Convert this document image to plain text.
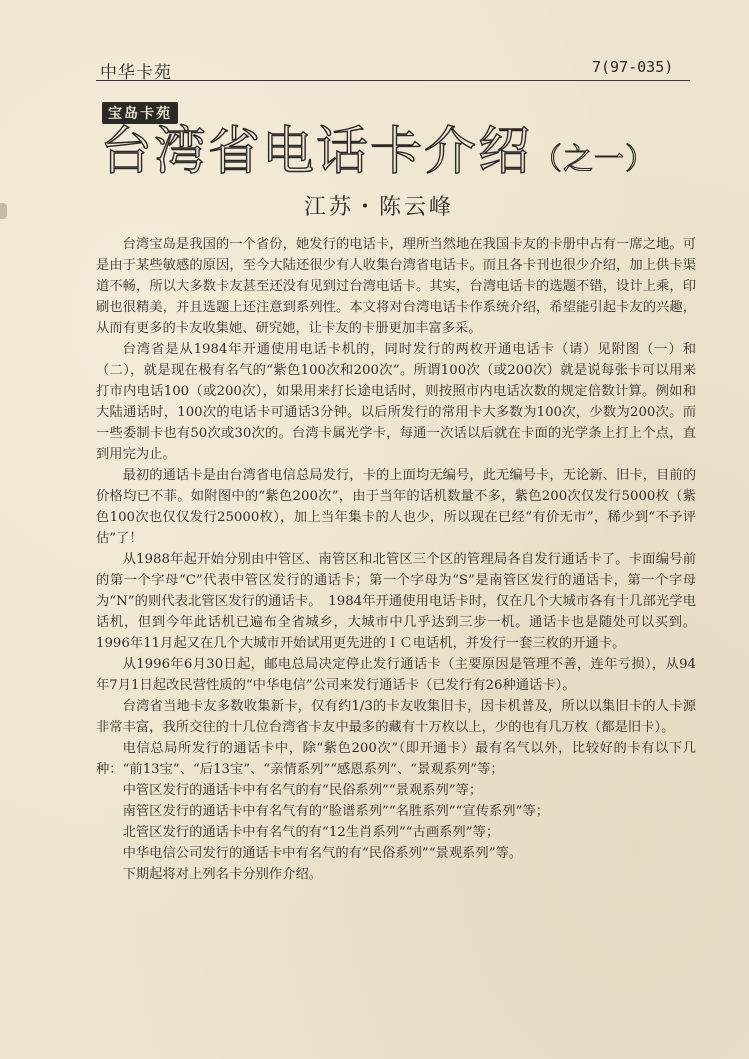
中华卡苑	7(97-035)
宝岛卡苑
台湾省电话卡介绍（之一）
江苏・陈云峰

台湾宝岛是我国的一个省份，她发行的电话卡，理所当然地在我国卡友的卡册中占有一席之地。可是由于某些敏感的原因，至今大陆还很少有人收集台湾省电话卡。而且各卡刊也很少介绍，加上供卡渠道不畅，所以大多数卡友甚至还没有见到过台湾电话卡。其实，台湾电话卡的选题不错，设计上乘，印刷也很精美，并且选题上还注意到系列性。本文将对台湾电话卡作系统介绍，希望能引起卡友的兴趣，从而有更多的卡友收集她、研究她，让卡友的卡册更加丰富多采。

台湾省是从1984年开通使用电话卡机的，同时发行的两枚开通电话卡（请）见附图（一）和（二），就是现在极有名气的“紫色100次和200次”。所谓100次（或200次）就是说每张卡可以用来打市内电话100（或200次），如果用来打长途电话时，则按照市内电话次数的规定倍数计算。例如和大陆通话时，100次的电话卡可通话3分钟。以后所发行的常用卡大多数为100次，少数为200次。而一些委制卡也有50次或30次的。台湾卡属光学卡，每通一次话以后就在卡面的光学条上打上个点，直到用完为止。

最初的通话卡是由台湾省电信总局发行，卡的上面均无编号，此无编号卡，无论新、旧卡，目前的价格均已不菲。如附图中的“紫色200次”，由于当年的话机数量不多，紫色200次仅发行5000枚（紫色100次也仅仅发行25000枚），加上当年集卡的人也少，所以现在已经“有价无市”，稀少到“不予评估”了！

从1988年起开始分别由中管区、南管区和北管区三个区的管理局各自发行通话卡了。卡面编号前的第一个字母“C”代表中管区发行的通话卡；第一个字母为“S”是南管区发行的通话卡，第一个字母为“N”的则代表北管区发行的通话卡。　1984年开通使用电话卡时，仅在几个大城市各有十几部光学电话机，但到今年此话机已遍布全省城乡，大城市中几乎达到三步一机。通话卡也是随处可以买到。1996年11月起又在几个大城市开始试用更先进的ＩＣ电话机，并发行一套三枚的开通卡。

从1996年6月30日起，邮电总局决定停止发行通话卡（主要原因是管理不善，连年亏损），从94年7月1日起改民营性质的“中华电信”公司来发行通话卡（已发行有26种通话卡）。

台湾省当地卡友多数收集新卡，仅有约1/3的卡友收集旧卡，因卡机普及，所以以集旧卡的人卡源非常丰富，我所交往的十几位台湾省卡友中最多的藏有十万枚以上，少的也有几万枚（都是旧卡）。

电信总局所发行的通话卡中，除“紫色200次”（即开通卡）最有名气以外，比较好的卡有以下几种：“前13宝”、“后13宝”、“亲情系列”“感恩系列”、“景观系列”等；

中管区发行的通话卡中有名气的有“民俗系列”“景观系列”等；

南管区发行的通话卡中有名气有的“脸谱系列”“名胜系列”“宣传系列”等；

北管区发行的通话卡中有名气的有“12生肖系列”“古画系列”等；

中华电信公司发行的通话卡中有名气的有“民俗系列”“景观系列”等。

下期起将对上列名卡分别作介绍。
